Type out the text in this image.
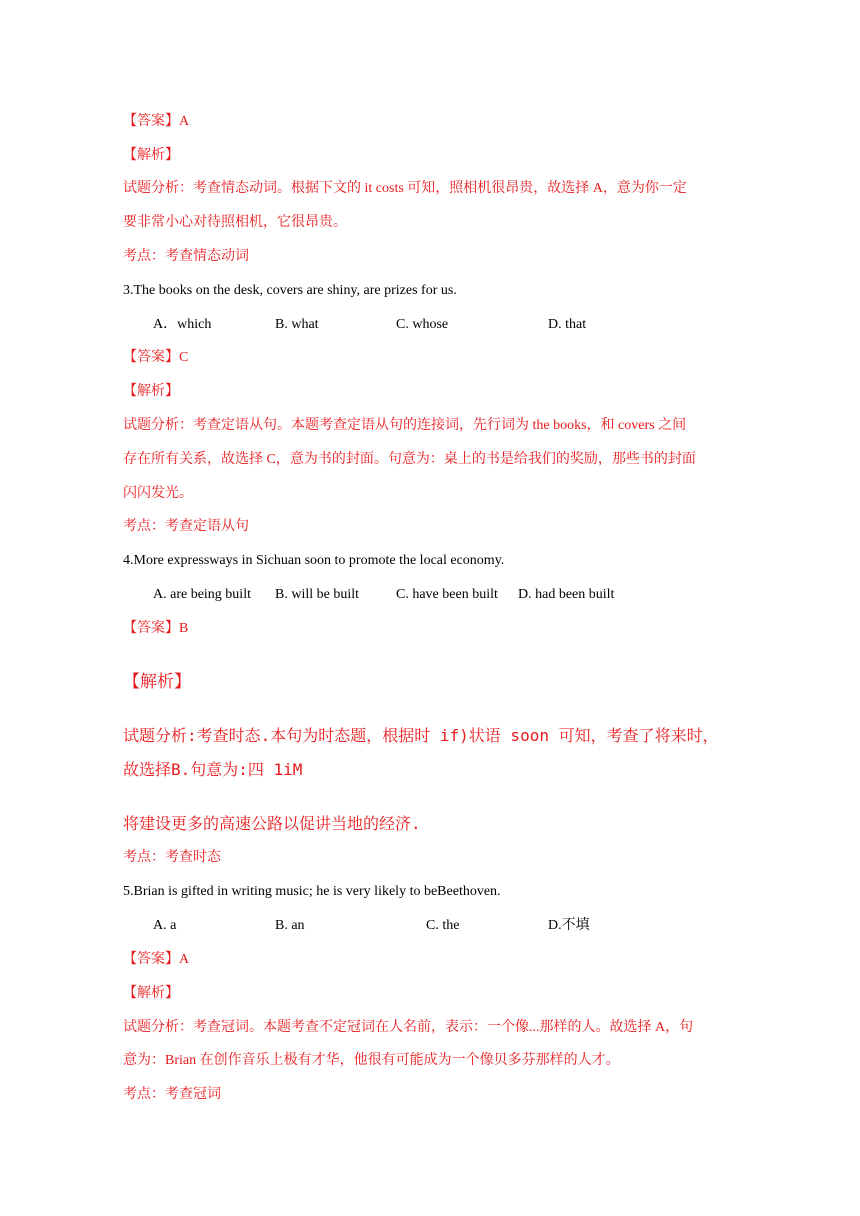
【答案】A
【解析】
试题分析：考查情态动词。根据下文的 it costs 可知，照相机很昂贵，故选择 A，意为你一定
要非常小心对待照相机，它很昂贵。
考点：考查情态动词
3.The books on the desk, covers are shiny, are prizes for us.
A．which	B. what	C. whose	D. that
【答案】C
【解析】
试题分析：考查定语从句。本题考查定语从句的连接词，先行词为 the books，和 covers 之间
存在所有关系，故选择 C，意为书的封面。句意为：桌上的书是给我们的奖励，那些书的封面
闪闪发光。
考点：考查定语从句
4.More expressways in Sichuan soon to promote the local economy.
A. are being built B. will be built	C. have been built D. had been built
【答案】B
【解析】
试题分析:考查时态.本句为时态题，根据时 if)状语 soon 可知，考查了将来时，
故选择B.句意为:四 1iM
将建设更多的高速公路以促讲当地的经济.
考点：考查时态
5.Brian is gifted in writing music; he is very likely to beBeethoven.
A. a	B. an	C. the	D.不填
【答案】A
【解析】
试题分析：考查冠词。本题考查不定冠词在人名前，表示：一个像...那样的人。故选择 A，句
意为：Brian 在创作音乐上极有才华，他很有可能成为一个像贝多芬那样的人才。
考点：考查冠词
